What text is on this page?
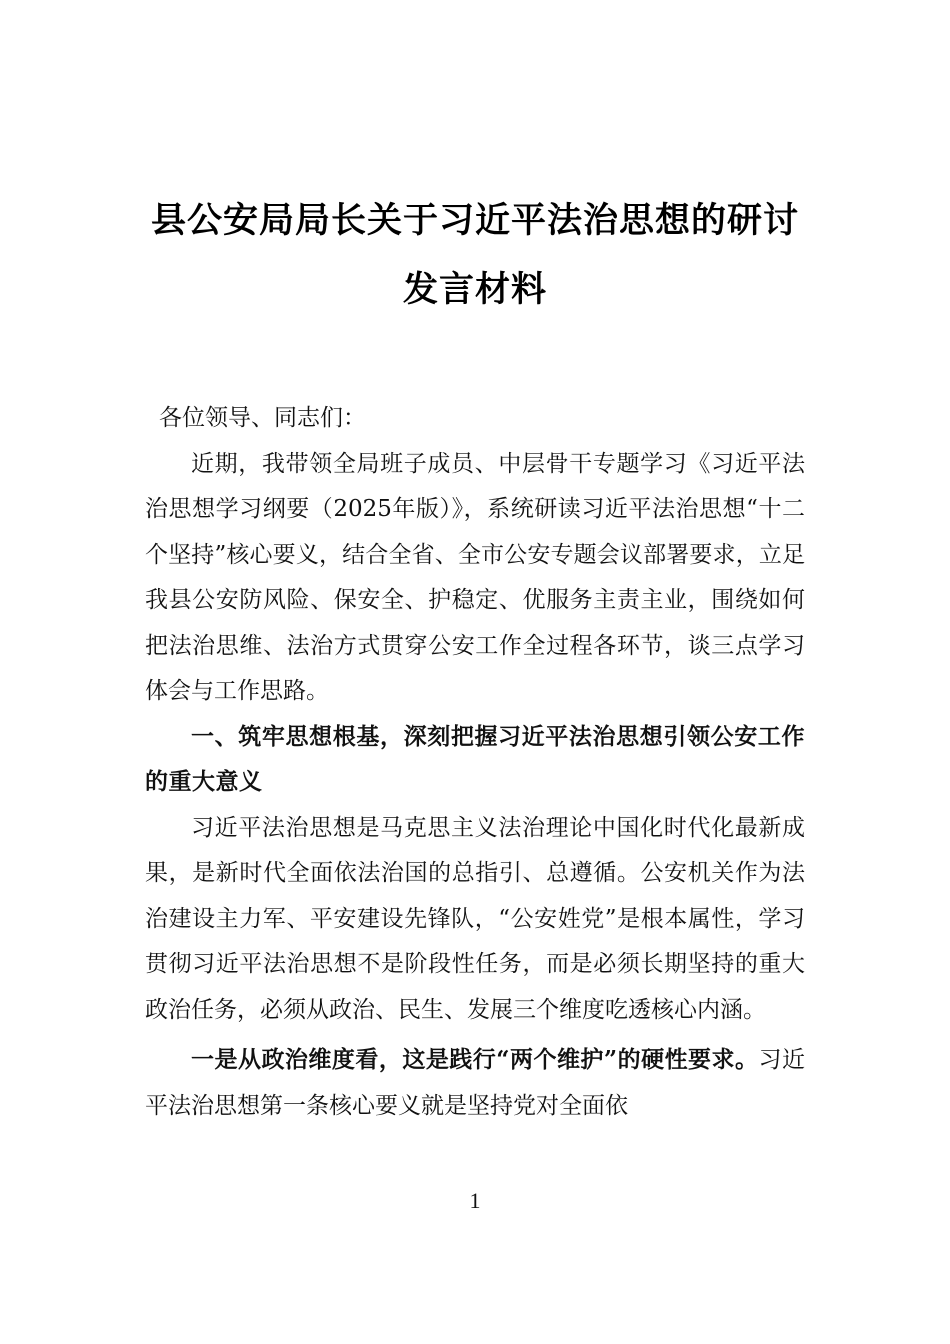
县公安局局长关于习近平法治思想的研讨
发言材料

各位领导、同志们：

近期，我带领全局班子成员、中层骨干专题学习《习近平法治思想学习纲要（2025年版）》，系统研读习近平法治思想“十二个坚持”核心要义，结合全省、全市公安专题会议部署要求，立足我县公安防风险、保安全、护稳定、优服务主责主业，围绕如何把法治思维、法治方式贯穿公安工作全过程各环节，谈三点学习体会与工作思路。

一、筑牢思想根基，深刻把握习近平法治思想引领公安工作的重大意义

习近平法治思想是马克思主义法治理论中国化时代化最新成果，是新时代全面依法治国的总指引、总遵循。公安机关作为法治建设主力军、平安建设先锋队，“公安姓党”是根本属性，学习贯彻习近平法治思想不是阶段性任务，而是必须长期坚持的重大政治任务，必须从政治、民生、发展三个维度吃透核心内涵。

一是从政治维度看，这是践行“两个维护”的硬性要求。习近平法治思想第一条核心要义就是坚持党对全面依

1
